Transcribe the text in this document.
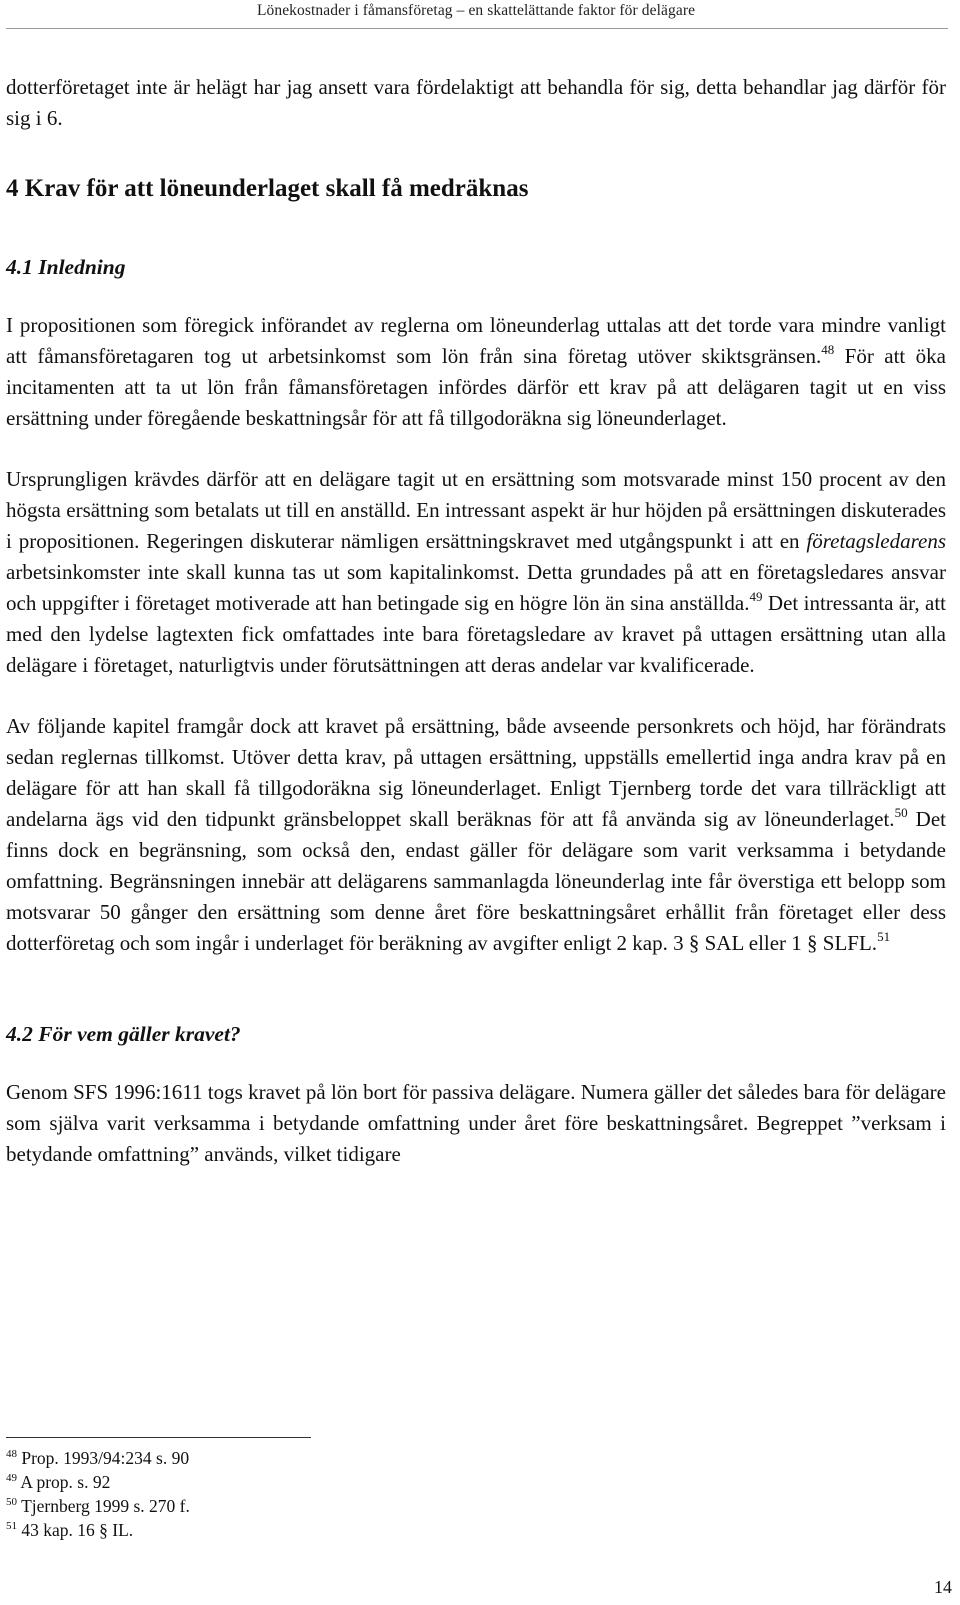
Lönekostnader i fåmansföretag – en skattelättande faktor för delägare

dotterföretaget inte är helägt har jag ansett vara fördelaktigt att behandla för sig, detta behandlar jag därför för sig i 6.

4 Krav för att löneunderlaget skall få medräknas
4.1 Inledning

I propositionen som föregick införandet av reglerna om löneunderlag uttalas att det torde vara mindre vanligt att fåmansföretagaren tog ut arbetsinkomst som lön från sina företag utöver skiktsgränsen.$^{48}$ För att öka incitamenten att ta ut lön från fåmansföretagen infördes därför ett krav på att delägaren tagit ut en viss ersättning under föregående beskattningsår för att få tillgodoräkna sig löneunderlaget.

Ursprungligen krävdes därför att en delägare tagit ut en ersättning som motsvarade minst 150 procent av den högsta ersättning som betalats ut till en anställd. En intressant aspekt är hur höjden på ersättningen diskuterades i propositionen. Regeringen diskuterar nämligen ersättningskravet med utgångspunkt i att en företagsledarens arbetsinkomster inte skall kunna tas ut som kapitalinkomst. Detta grundades på att en företagsledares ansvar och uppgifter i företaget motiverade att han betingade sig en högre lön än sina anställda.$^{49}$ Det intressanta är, att med den lydelse lagtexten fick omfattades inte bara företagsledare av kravet på uttagen ersättning utan alla delägare i företaget, naturligtvis under förutsättningen att deras andelar var kvalificerade.

Av följande kapitel framgår dock att kravet på ersättning, både avseende personkrets och höjd, har förändrats sedan reglernas tillkomst. Utöver detta krav, på uttagen ersättning, uppställs emellertid inga andra krav på en delägare för att han skall få tillgodoräkna sig löneunderlaget. Enligt Tjernberg torde det vara tillräckligt att andelarna ägs vid den tidpunkt gränsbeloppet skall beräknas för att få använda sig av löneunderlaget.$^{50}$ Det finns dock en begränsning, som också den, endast gäller för delägare som varit verksamma i betydande omfattning. Begränsningen innebär att delägarens sammanlagda löneunderlag inte får överstiga ett belopp som motsvarar 50 gånger den ersättning som denne året före beskattningsåret erhållit från företaget eller dess dotterföretag och som ingår i underlaget för beräkning av avgifter enligt 2 kap. 3 § SAL eller 1 § SLFL.$^{51}$

4.2 För vem gäller kravet?

Genom SFS 1996:1611 togs kravet på lön bort för passiva delägare. Numera gäller det således bara för delägare som själva varit verksamma i betydande omfattning under året före beskattningsåret. Begreppet ”verksam i betydande omfattning” används, vilket tidigare

$^{48}$ Prop. 1993/94:234 s. 90
$^{49}$ A prop. s. 92
$^{50}$ Tjernberg 1999 s. 270 f.
$^{51}$ 43 kap. 16 § IL.
14
